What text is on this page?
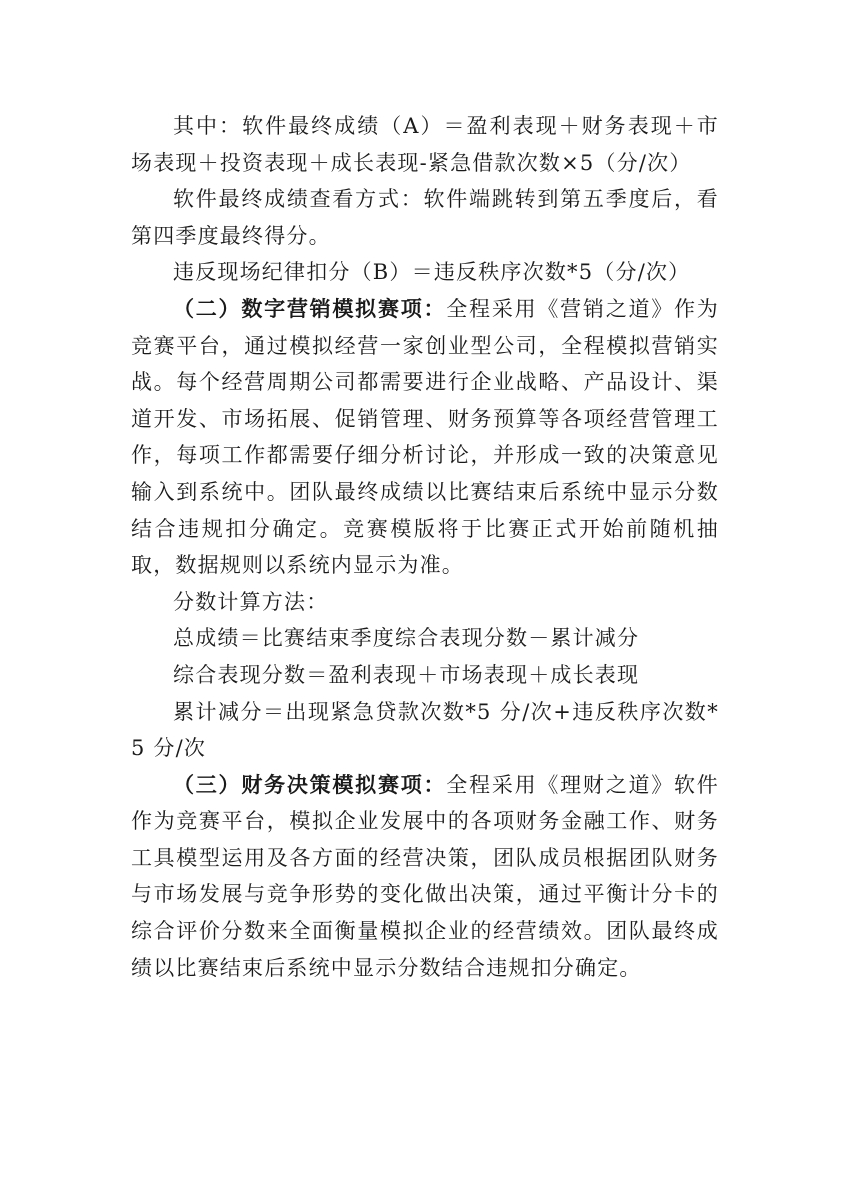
其中：软件最终成绩（A）＝盈利表现＋财务表现＋市场表现＋投资表现＋成长表现-紧急借款次数×5（分/次）

软件最终成绩查看方式：软件端跳转到第五季度后，看第四季度最终得分。

违反现场纪律扣分（B）＝违反秩序次数*5（分/次）

（二）数字营销模拟赛项：全程采用《营销之道》作为竞赛平台，通过模拟经营一家创业型公司，全程模拟营销实战。每个经营周期公司都需要进行企业战略、产品设计、渠道开发、市场拓展、促销管理、财务预算等各项经营管理工作，每项工作都需要仔细分析讨论，并形成一致的决策意见输入到系统中。团队最终成绩以比赛结束后系统中显示分数结合违规扣分确定。竞赛模版将于比赛正式开始前随机抽取，数据规则以系统内显示为准。

分数计算方法：

总成绩＝比赛结束季度综合表现分数－累计减分

综合表现分数＝盈利表现＋市场表现＋成长表现

累计减分＝出现紧急贷款次数*5 分/次+违反秩序次数*5 分/次

（三）财务决策模拟赛项：全程采用《理财之道》软件作为竞赛平台，模拟企业发展中的各项财务金融工作、财务工具模型运用及各方面的经营决策，团队成员根据团队财务与市场发展与竞争形势的变化做出决策，通过平衡计分卡的综合评价分数来全面衡量模拟企业的经营绩效。团队最终成绩以比赛结束后系统中显示分数结合违规扣分确定。
